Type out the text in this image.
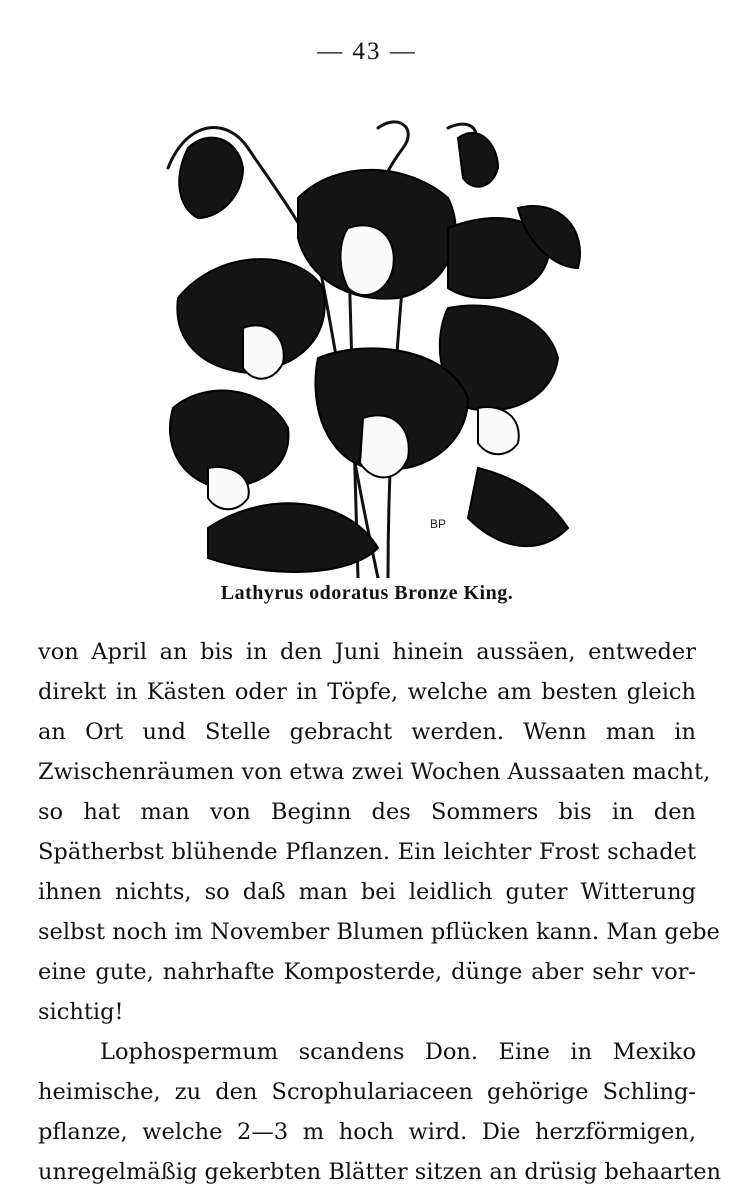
— 43 —
BP
Lathyrus odoratus Bronze King.
von April an bis in den Juni hinein aussäen, entweder
direkt in Kästen oder in Töpfe, welche am besten gleich
an Ort und Stelle gebracht werden. Wenn man in
Zwischenräumen von etwa zwei Wochen Aussaaten macht,
so hat man von Beginn des Sommers bis in den
Spätherbst blühende Pflanzen. Ein leichter Frost schadet
ihnen nichts, so daß man bei leidlich guter Witterung
selbst noch im November Blumen pflücken kann. Man gebe
eine gute, nahrhafte Komposterde, dünge aber sehr vor-
sichtig!
Lophospermum scandens Don. Eine in Mexiko
heimische, zu den Scrophulariaceen gehörige Schling-
pflanze, welche 2—3 m hoch wird. Die herzförmigen,
unregelmäßig gekerbten Blätter sitzen an drüsig behaarten
